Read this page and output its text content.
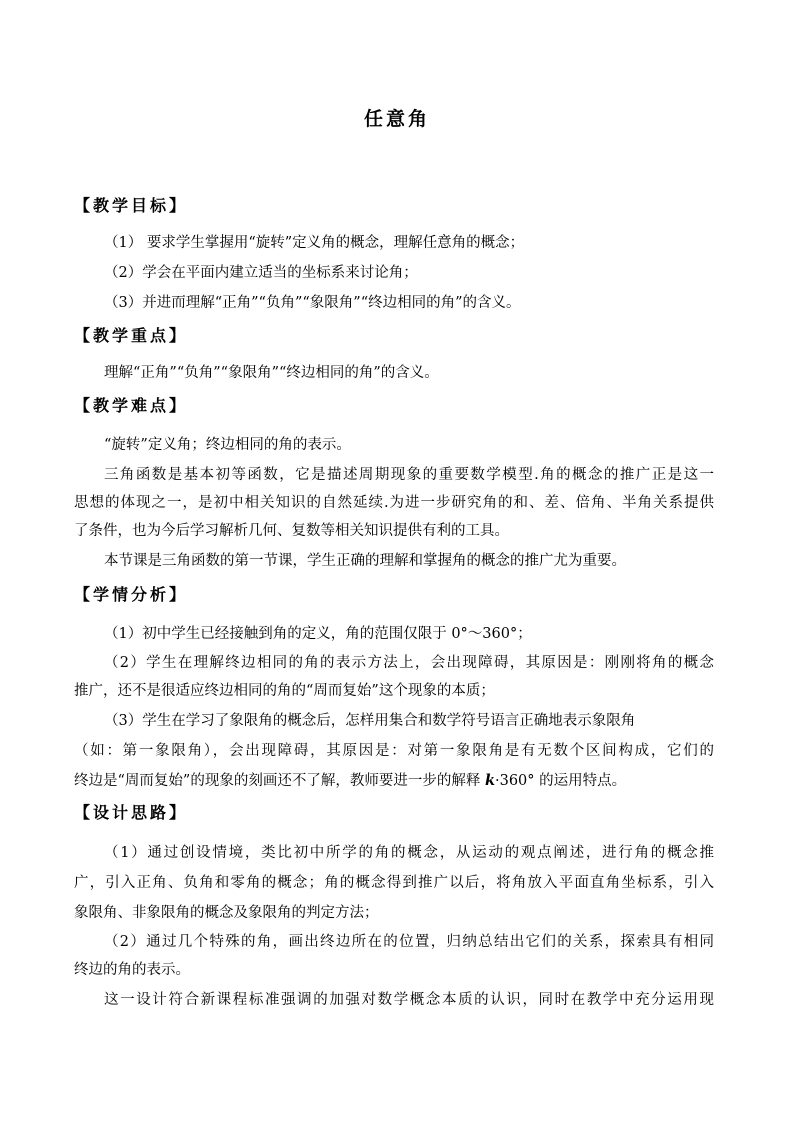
任意角
【教学目标】
（1） 要求学生掌握用“旋转”定义角的概念，理解任意角的概念；
（2）学会在平面内建立适当的坐标系来讨论角；
（3）并进而理解“正角”“负角”“象限角”“终边相同的角”的含义。
【教学重点】
理解“正角”“负角”“象限角”“终边相同的角”的含义。
【教学难点】
“旋转”定义角；终边相同的角的表示。
三角函数是基本初等函数，它是描述周期现象的重要数学模型.角的概念的推广正是这一
思想的体现之一，是初中相关知识的自然延续.为进一步研究角的和、差、倍角、半角关系提供
了条件，也为今后学习解析几何、复数等相关知识提供有利的工具。
本节课是三角函数的第一节课，学生正确的理解和掌握角的概念的推广尤为重要。
【学情分析】
（1）初中学生已经接触到角的定义，角的范围仅限于 0°～360°；
（2）学生在理解终边相同的角的表示方法上，会出现障碍，其原因是：刚刚将角的概念
推广，还不是很适应终边相同的角的“周而复始”这个现象的本质；
（3）学生在学习了象限角的概念后，怎样用集合和数学符号语言正确地表示象限角
（如：第一象限角），会出现障碍，其原因是：对第一象限角是有无数个区间构成，它们的
终边是“周而复始”的现象的刻画还不了解，教师要进一步的解释 k·360° 的运用特点。
【设计思路】
（1）通过创设情境，类比初中所学的角的概念，从运动的观点阐述，进行角的概念推
广，引入正角、负角和零角的概念；角的概念得到推广以后，将角放入平面直角坐标系，引入
象限角、非象限角的概念及象限角的判定方法；
（2）通过几个特殊的角，画出终边所在的位置，归纳总结出它们的关系，探索具有相同
终边的角的表示。
这一设计符合新课程标准强调的加强对数学概念本质的认识，同时在教学中充分运用现
